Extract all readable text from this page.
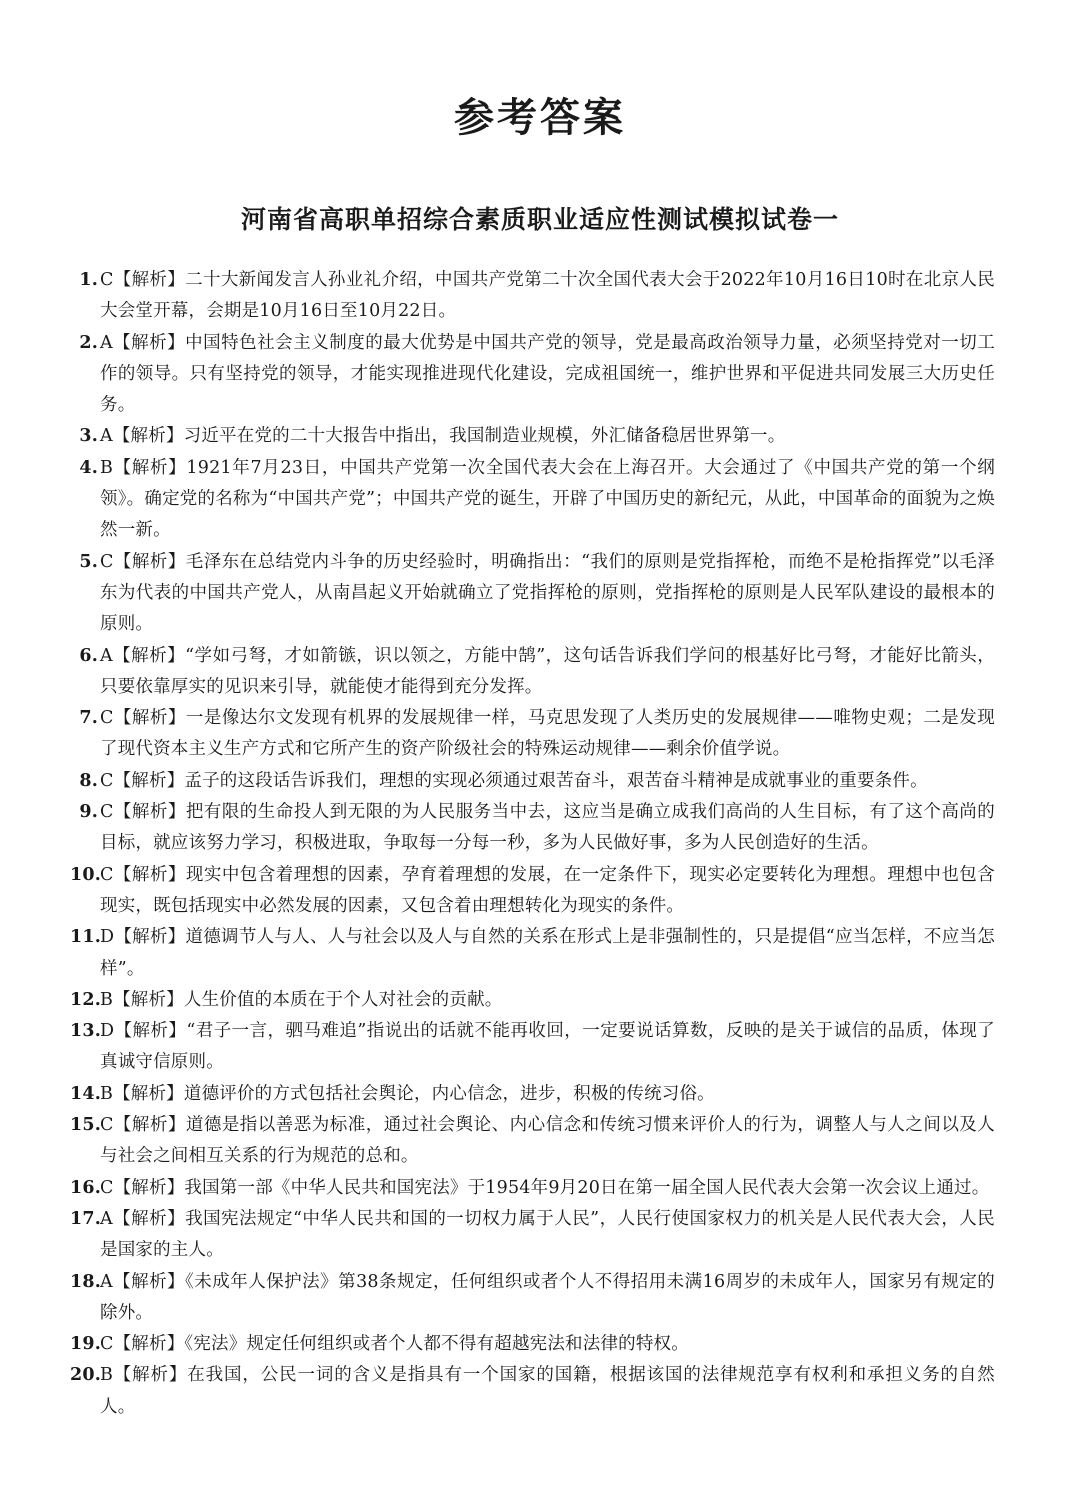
参考答案
河南省高职单招综合素质职业适应性测试模拟试卷一
1. C【解析】二十大新闻发言人孙业礼介绍，中国共产党第二十次全国代表大会于2022年10月16日10时在北京人民大会堂开幕，会期是10月16日至10月22日。
2. A【解析】中国特色社会主义制度的最大优势是中国共产党的领导，党是最高政治领导力量，必须坚持党对一切工作的领导。只有坚持党的领导，才能实现推进现代化建设，完成祖国统一，维护世界和平促进共同发展三大历史任务。
3. A【解析】习近平在党的二十大报告中指出，我国制造业规模，外汇储备稳居世界第一。
4. B【解析】1921年7月23日，中国共产党第一次全国代表大会在上海召开。大会通过了《中国共产党的第一个纲领》。确定党的名称为“中国共产党”；中国共产党的诞生，开辟了中国历史的新纪元，从此，中国革命的面貌为之焕然一新。
5. C【解析】毛泽东在总结党内斗争的历史经验时，明确指出：“我们的原则是党指挥枪，而绝不是枪指挥党”以毛泽东为代表的中国共产党人，从南昌起义开始就确立了党指挥枪的原则，党指挥枪的原则是人民军队建设的最根本的原则。
6. A【解析】“学如弓弩，才如箭镞，识以领之，方能中鹄”，这句话告诉我们学问的根基好比弓弩，才能好比箭头，只要依靠厚实的见识来引导，就能使才能得到充分发挥。
7. C【解析】一是像达尔文发现有机界的发展规律一样，马克思发现了人类历史的发展规律——唯物史观；二是发现了现代资本主义生产方式和它所产生的资产阶级社会的特殊运动规律——剩余价值学说。
8. C【解析】孟子的这段话告诉我们，理想的实现必须通过艰苦奋斗，艰苦奋斗精神是成就事业的重要条件。
9. C【解析】把有限的生命投人到无限的为人民服务当中去，这应当是确立成我们高尚的人生目标，有了这个高尚的目标，就应该努力学习，积极进取，争取每一分每一秒，多为人民做好事，多为人民创造好的生活。
10.
C【解析】现实中包含着理想的因素，孕育着理想的发展，在一定条件下，现实必定要转化为理想。理想中也包含现实，既包括现实中必然发展的因素，又包含着由理想转化为现实的条件。
11.
D【解析】道德调节人与人、人与社会以及人与自然的关系在形式上是非强制性的，只是提倡“应当怎样，不应当怎样”。
12.
B【解析】人生价值的本质在于个人对社会的贡献。
13.
D【解析】“君子一言，驷马难追”指说出的话就不能再收回，一定要说话算数，反映的是关于诚信的品质，体现了真诚守信原则。
14.
B【解析】道德评价的方式包括社会舆论，内心信念，进步，积极的传统习俗。
15.
C【解析】道德是指以善恶为标准，通过社会舆论、内心信念和传统习惯来评价人的行为，调整人与人之间以及人与社会之间相互关系的行为规范的总和。
16.
C【解析】我国第一部《中华人民共和国宪法》于1954年9月20日在第一届全国人民代表大会第一次会议上通过。
17.
A【解析】我国宪法规定“中华人民共和国的一切权力属于人民”，人民行使国家权力的机关是人民代表大会，人民是国家的主人。
18.
A【解析】《未成年人保护法》第38条规定，任何组织或者个人不得招用未满16周岁的未成年人，国家另有规定的除外。
19.
C【解析】《宪法》规定任何组织或者个人都不得有超越宪法和法律的特权。
20.
B【解析】在我国，公民一词的含义是指具有一个国家的国籍，根据该国的法律规范享有权利和承担义务的自然人。
